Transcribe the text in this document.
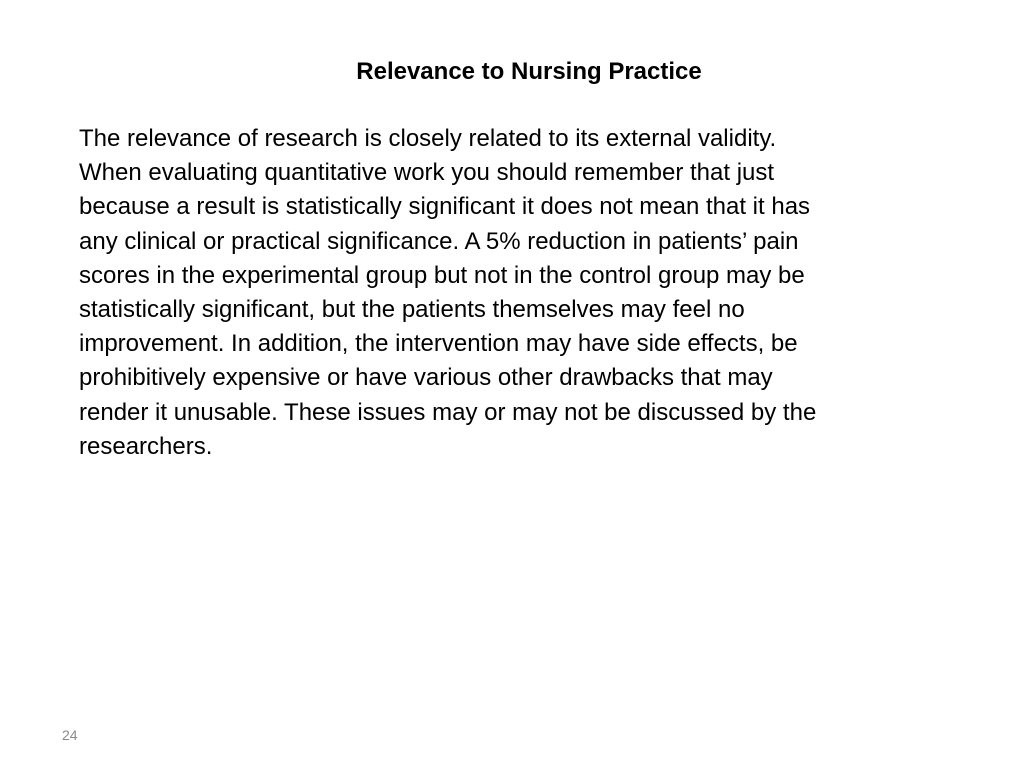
Relevance to Nursing Practice
The relevance of research is closely related to its external validity.
When evaluating quantitative work you should remember that just
because a result is statistically significant it does not mean that it has
any clinical or practical significance. A 5% reduction in patients’ pain
scores in the experimental group but not in the control group may be
statistically significant, but the patients themselves may feel no
improvement. In addition, the intervention may have side effects, be
prohibitively expensive or have various other drawbacks that may
render it unusable. These issues may or may not be discussed by the
researchers.
24
